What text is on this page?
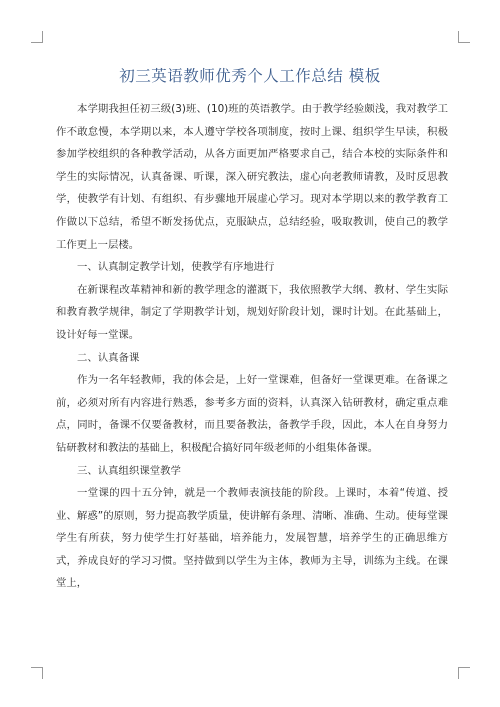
初三英语教师优秀个人工作总结 模板

本学期我担任初三级(3)班、(10)班的英语教学。由于教学经验颇浅，我对教学工作不敢怠慢，本学期以来，本人遵守学校各项制度，按时上课、组织学生早读，积极参加学校组织的各种教学活动，从各方面更加严格要求自己，结合本校的实际条件和学生的实际情况，认真备课、听课，深入研究教法，虚心向老教师请教，及时反思教学，使教学有计划、有组织、有步骤地开展虚心学习。现对本学期以来的教学教育工作做以下总结，希望不断发扬优点，克服缺点，总结经验，吸取教训，使自己的教学工作更上一层楼。

一、认真制定教学计划，使教学有序地进行

在新课程改革精神和新的教学理念的灌溉下，我依照教学大纲、教材、学生实际和教育教学规律，制定了学期教学计划，规划好阶段计划，课时计划。在此基础上，设计好每一堂课。

二、认真备课

作为一名年轻教师，我的体会是，上好一堂课难，但备好一堂课更难。在备课之前，必须对所有内容进行熟悉，参考多方面的资料，认真深入钻研教材，确定重点难点，同时，备课不仅要备教材，而且要备教法，备教学手段，因此，本人在自身努力钻研教材和教法的基础上，积极配合搞好同年级老师的小组集体备课。

三、认真组织课堂教学

一堂课的四十五分钟，就是一个教师表演技能的阶段。上课时，本着“传道、授业、解惑”的原则，努力提高教学质量，使讲解有条理、清晰、准确、生动。使每堂课学生有所获，努力使学生打好基础，培养能力，发展智慧，培养学生的正确思维方式，养成良好的学习习惯。坚持做到以学生为主体，教师为主导，训练为主线。在课堂上，
